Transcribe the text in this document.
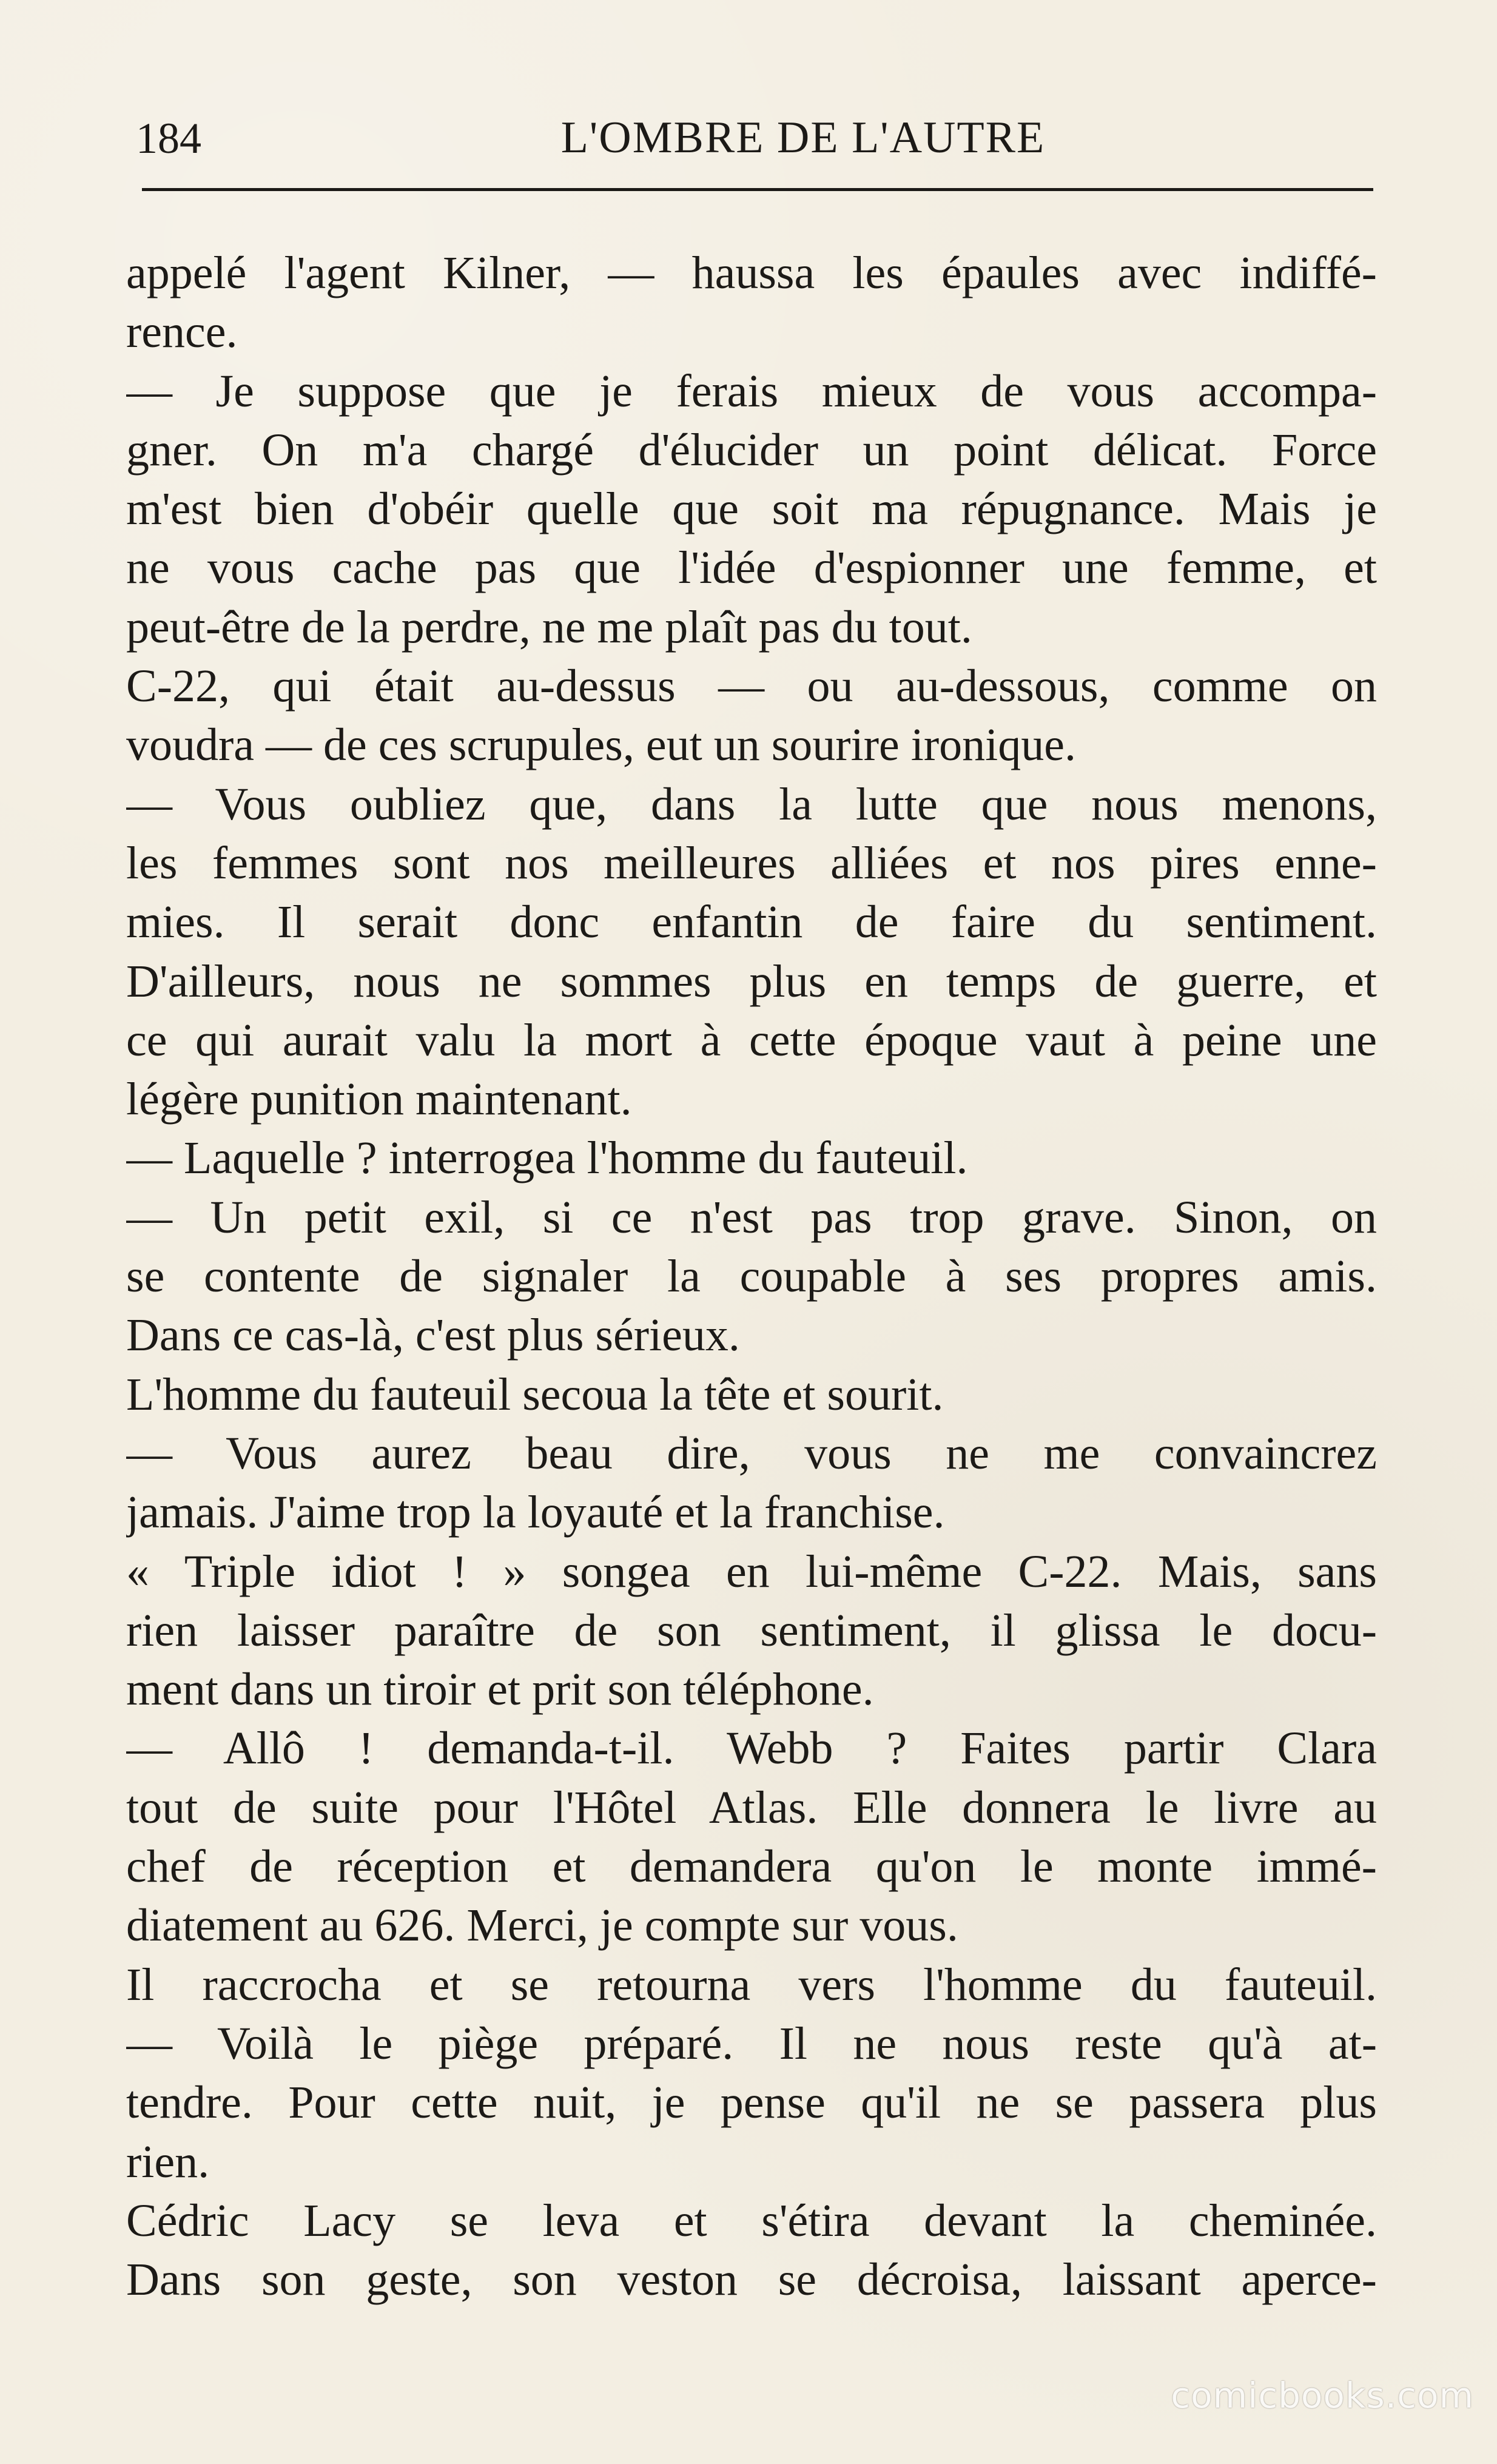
184	L'OMBRE DE L'AUTRE
appelé l'agent Kilner, — haussa les épaules avec indiffé-
rence.
— Je suppose que je ferais mieux de vous accompa-
gner. On m'a chargé d'élucider un point délicat. Force
m'est bien d'obéir quelle que soit ma répugnance. Mais je
ne vous cache pas que l'idée d'espionner une femme, et
peut-être de la perdre, ne me plaît pas du tout.
C-22, qui était au-dessus — ou au-dessous, comme on
voudra — de ces scrupules, eut un sourire ironique.
— Vous oubliez que, dans la lutte que nous menons,
les femmes sont nos meilleures alliées et nos pires enne-
mies. Il serait donc enfantin de faire du sentiment.
D'ailleurs, nous ne sommes plus en temps de guerre, et
ce qui aurait valu la mort à cette époque vaut à peine une
légère punition maintenant.
— Laquelle ? interrogea l'homme du fauteuil.
— Un petit exil, si ce n'est pas trop grave. Sinon, on
se contente de signaler la coupable à ses propres amis.
Dans ce cas-là, c'est plus sérieux.
L'homme du fauteuil secoua la tête et sourit.
— Vous aurez beau dire, vous ne me convaincrez
jamais. J'aime trop la loyauté et la franchise.
« Triple idiot ! » songea en lui-même C-22. Mais, sans
rien laisser paraître de son sentiment, il glissa le docu-
ment dans un tiroir et prit son téléphone.
— Allô ! demanda-t-il. Webb ? Faites partir Clara
tout de suite pour l'Hôtel Atlas. Elle donnera le livre au
chef de réception et demandera qu'on le monte immé-
diatement au 626. Merci, je compte sur vous.
Il raccrocha et se retourna vers l'homme du fauteuil.
— Voilà le piège préparé. Il ne nous reste qu'à at-
tendre. Pour cette nuit, je pense qu'il ne se passera plus
rien.
Cédric Lacy se leva et s'étira devant la cheminée.
Dans son geste, son veston se décroisa, laissant aperce-
comicbooks.com
